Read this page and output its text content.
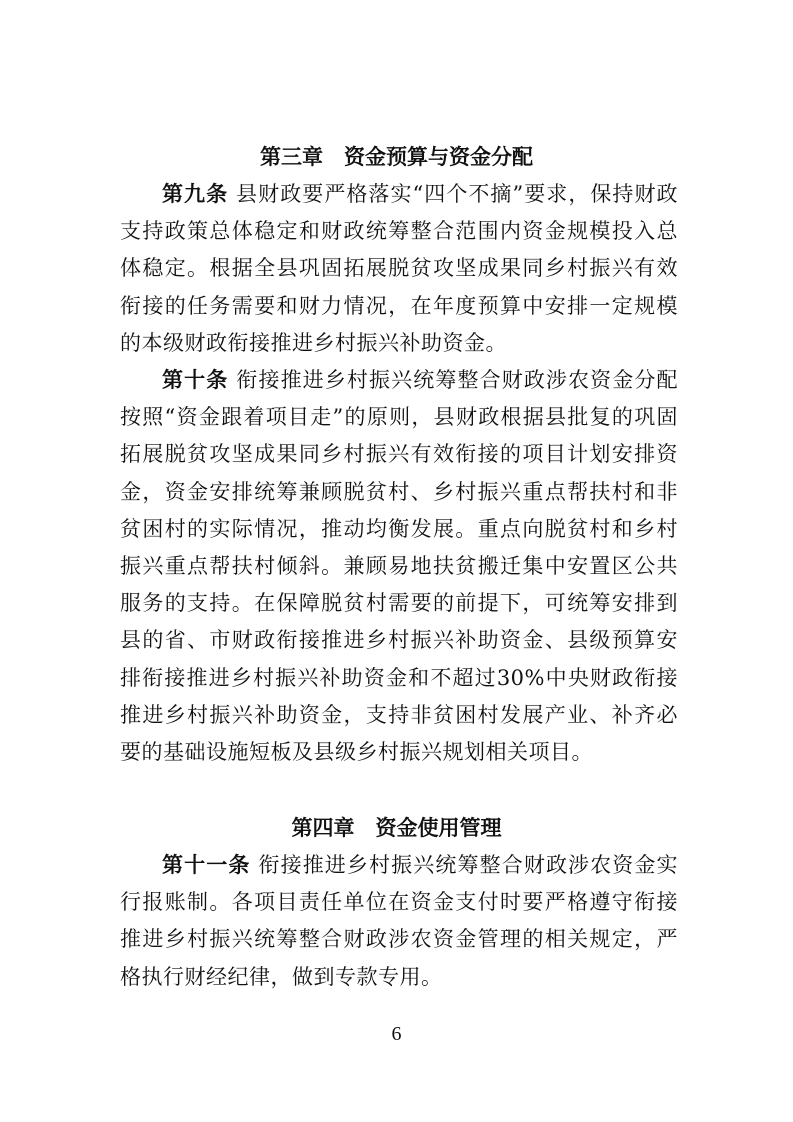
第三章　资金预算与资金分配

第九条 县财政要严格落实“四个不摘”要求，保持财政支持政策总体稳定和财政统筹整合范围内资金规模投入总体稳定。根据全县巩固拓展脱贫攻坚成果同乡村振兴有效衔接的任务需要和财力情况，在年度预算中安排一定规模的本级财政衔接推进乡村振兴补助资金。

第十条 衔接推进乡村振兴统筹整合财政涉农资金分配按照“资金跟着项目走”的原则，县财政根据县批复的巩固拓展脱贫攻坚成果同乡村振兴有效衔接的项目计划安排资金，资金安排统筹兼顾脱贫村、乡村振兴重点帮扶村和非贫困村的实际情况，推动均衡发展。重点向脱贫村和乡村振兴重点帮扶村倾斜。兼顾易地扶贫搬迁集中安置区公共服务的支持。在保障脱贫村需要的前提下，可统筹安排到县的省、市财政衔接推进乡村振兴补助资金、县级预算安排衔接推进乡村振兴补助资金和不超过30%中央财政衔接推进乡村振兴补助资金，支持非贫困村发展产业、补齐必要的基础设施短板及县级乡村振兴规划相关项目。

第四章　资金使用管理

第十一条 衔接推进乡村振兴统筹整合财政涉农资金实行报账制。各项目责任单位在资金支付时要严格遵守衔接推进乡村振兴统筹整合财政涉农资金管理的相关规定，严格执行财经纪律，做到专款专用。

6
